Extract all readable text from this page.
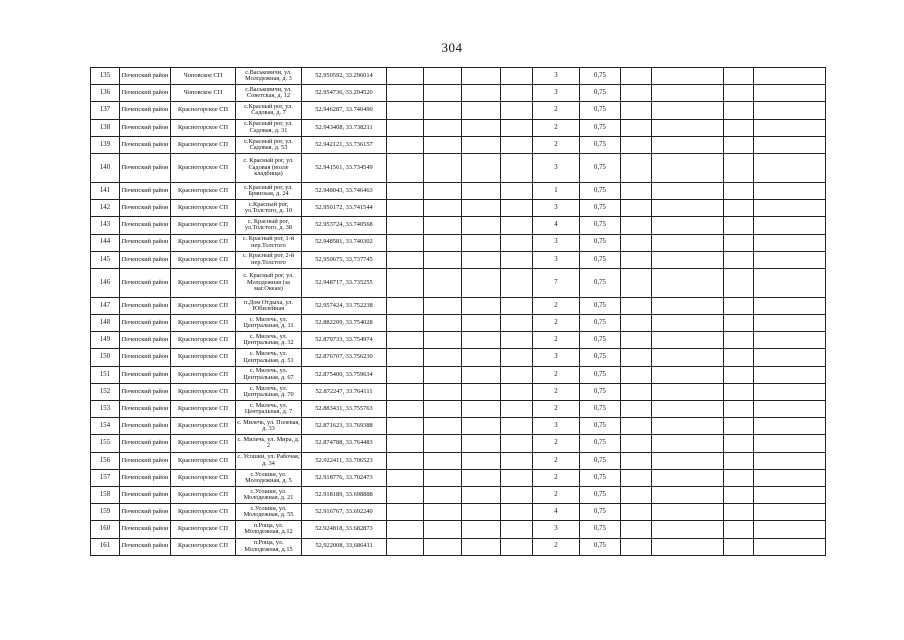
304
135	Почепский район	Чоповское СП	с.Васьковичи, ул. Молодежная, д. 3	52.950592, 33.296014					3	0,75				
136	Почепский район	Чоповское СП	с.Васьковичи, ул. Советская, д. 12	52.954736, 33.294520					3	0,75				
137	Почепский район	Красногорское СП	с.Красный рог, ул. Садовая, д. 7	52.946287, 33.740490					2	0,75				
138	Почепский район	Красногорское СП	с.Красный рог, ул. Садовая, д. 31	52.943408, 33.738211					2	0,75				
139	Почепский район	Красногорское СП	с.Красный рог, ул. Садовая, д. 53	52.942121, 33.736157					2	0,75				
140	Почепский район	Красногорское СП	с. Красный рог, ул. Садовая (возле кладбища)	52.941561, 33.734549					3	0,75				
141	Почепский район	Красногорское СП	с.Красный рог, ул. Брянская, д. 24	52.948043, 33.746463					1	0,75				
142	Почепский район	Красногорское СП	с.Красный рог, ул.Толстого, д. 10	52.950172, 33.741544					3	0,75				
143	Почепский район	Красногорское СП	с. Красный рог, ул.Толстого, д. 38	52.953724, 33.740568					4	0,75				
144	Почепский район	Красногорское СП	с. Красный рог, 1-й пер.Толстого	52.948581, 33.740302					3	0,75				
145	Почепский район	Красногорское СП	с. Красный рог, 2-й пер.Толстого	52,950675, 33,737745					3	0,75				
146	Почепский район	Красногорское СП	с. Красный рог, ул. Молодежная (за маг.Океан)	52.948717, 33.735255					7	0,75				
147	Почепский район	Красногорское СП	п.Дом Отдыха, ул. Юбилейная	52.957424, 33.752238					2	0,75				
148	Почепский район	Красногорское СП	с. Милечь, ул. Центральная, д. 11	52.882209, 33.754028					2	0,75				
149	Почепский район	Красногорское СП	с. Милечь, ул. Центральная, д. 32	52.879733, 33.754974					2	0,75				
150	Почепский район	Красногорское СП	с. Милечь, ул. Центральная, д. 51	52.876707, 33.756230					3	0,75				
151	Почепский район	Красногорское СП	с. Милечь, ул. Центральная, д. 67	52.875400, 33.759634					2	0,75				
152	Почепский район	Красногорское СП	с. Милечь, ул. Центральная, д. 70	52.872247, 33.764111					2	0,75				
153	Почепский район	Красногорское СП	с. Милечь, ул. Центральная, д. 7	52.883431, 33.755763					2	0,75				
154	Почепский район	Красногорское СП	с. Милечь, ул. Полевая, д. 33	52.871623, 33.769388					3	0,75				
155	Почепский район	Красногорское СП	с. Милечь, ул. Мира, д. 2	52.874788, 33.764483					2	0,75				
156	Почепский район	Красногорское СП	с. Усошки, ул. Рабочая, д. 34	52.922411, 33.706523					2	0,75				
157	Почепский район	Красногорское СП	с.Усошки, ул. Молодежная, д. 5	52.918776, 33.702473					2	0,75				
158	Почепский район	Красногорское СП	с.Усошки, ул. Молодежная, д. 21	52.918189, 33.698888					2	0,75				
159	Почепский район	Красногорское СП	с.Усошки, ул. Молодежная, д. 55	52.916767, 33.692240					4	0,75				
160	Почепский район	Красногорское СП	п.Роща, ул. Молодежная, д.12	52.924818, 33.682873					3	0,75				
161	Почепский район	Красногорское СП	п.Роща, ул. Молодежная, д.15	52,922008, 33,686411					2	0,75				
